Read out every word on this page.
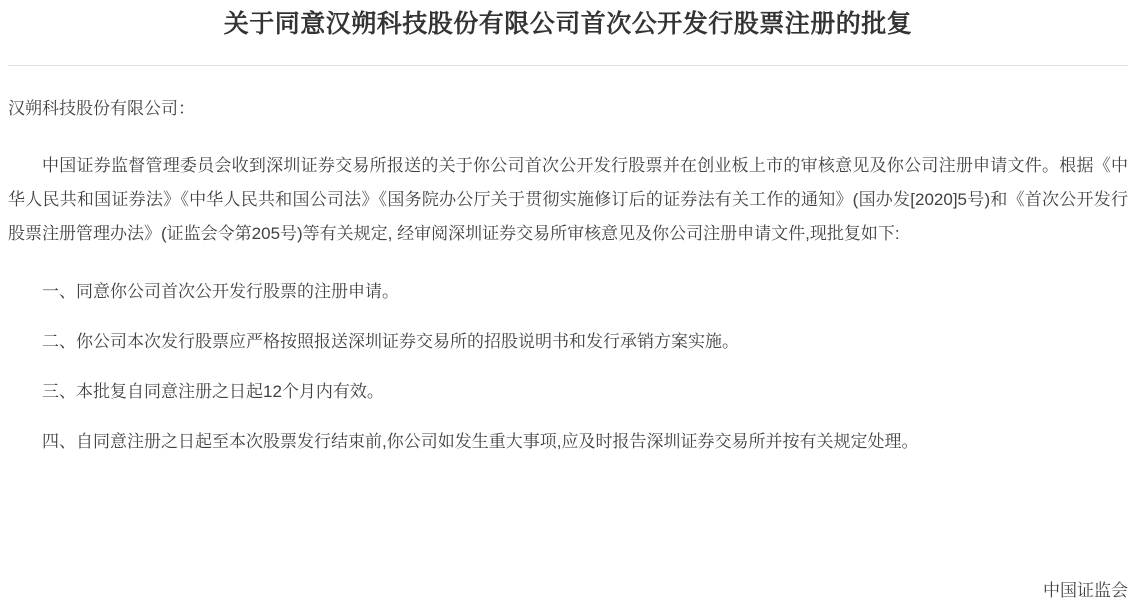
关于同意汉朔科技股份有限公司首次公开发行股票注册的批复

汉朔科技股份有限公司：

中国证券监督管理委员会收到深圳证券交易所报送的关于你公司首次公开发行股票并在创业板上市的审核意见及你公司注册申请文件。根据《中华人民共和国证券法》《中华人民共和国公司法》《国务院办公厅关于贯彻实施修订后的证券法有关工作的通知》(国办发[2020]5号)和《首次公开发行股票注册管理办法》(证监会令第205号)等有关规定, 经审阅深圳证券交易所审核意见及你公司注册申请文件,现批复如下:

一、同意你公司首次公开发行股票的注册申请。

二、你公司本次发行股票应严格按照报送深圳证券交易所的招股说明书和发行承销方案实施。

三、本批复自同意注册之日起12个月内有效。

四、自同意注册之日起至本次股票发行结束前,你公司如发生重大事项,应及时报告深圳证券交易所并按有关规定处理。

中国证监会
